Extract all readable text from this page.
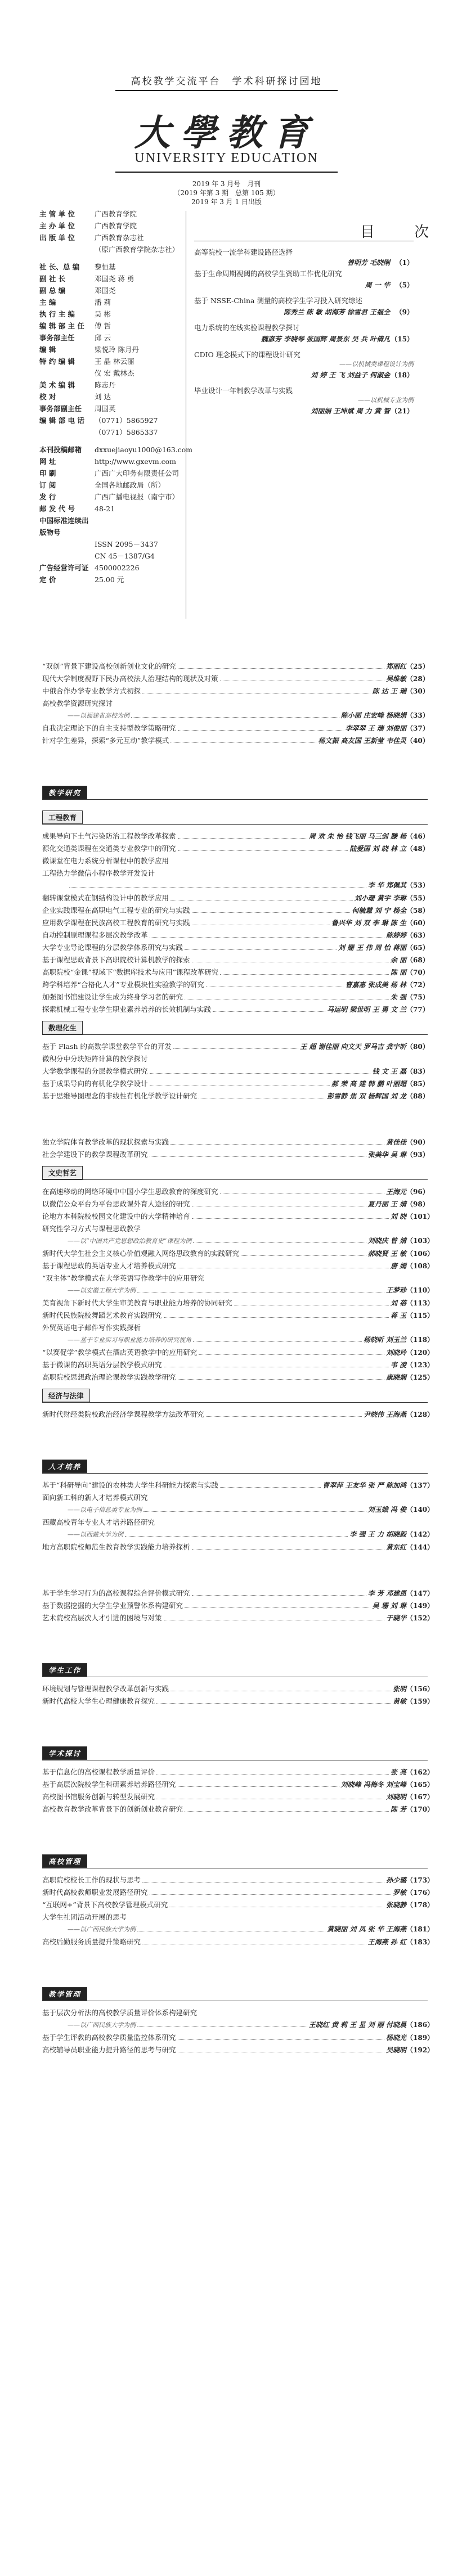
高校教学交流平台　学术科研探讨园地
大學教育
UNIVERSITY EDUCATION
2019 年 3 月号　月刊
（2019 年第 3 期　总第 105 期）
2019 年 3 月 1 日出版
主 管 单 位	广西教育学院
主 办 单 位	广西教育学院
出 版 单 位	广西教育杂志社
（原广西教育学院杂志社）
社 长、总 编	黎恒基
副 社 长	邓国尧 蒋 勇
副 总 编	邓国尧
主 编	潘 莉
执 行 主 编	吴 彬
编 辑 部 主 任	傅 哲
事务部主任	邱 云
编 辑	梁悦玲 陈月丹
特 约 编 辑	王 晶 林云丽
仪 宏 戴林杰
美 术 编 辑	陈志丹
校 对	刘 达
事务部副主任	周国英
编 辑 部 电 话	（0771）5865927
（0771）5865337
本刊投稿邮箱	dxxuejiaoyu1000@163.com
网 址	http://www.gxevm.com
印 刷	广西广大印务有限责任公司
订 阅	全国各地邮政局（所）
发 行	广西广播电视报（南宁市）
邮 发 代 号	48-21
中国标准连续出版物号
ISSN 2095－3437
CN 45－1387/G4
广告经营许可证 4500002226
定 价	25.00 元
目　次
高等院校一流学科建设路径选择
曾明芳 毛晓刚 （1）
基于生命周期视阈的高校学生资助工作优化研究
周 一 华 （5）
基于 NSSE-China 测量的高校学生学习投入研究综述
陈秀兰 陈 敏 胡海芳 徐雪君 王福全 （9）
电力系统的在线实验课程教学探讨
魏彦芳 李晓琴 张国辉 周景东 吴 兵 叶倩凡（15）
CDIO 理念模式下的课程设计研究
——以机械类课程设计为例
刘 婷 王 飞 刘益子 何淑金（18）
毕业设计一年制教学改革与实践
——以机械专业为例
刘丽娟 王坤斌 周 力 黄 智（21）
“双创”背景下建设高校创新创业文化的研究	郑丽红 （25）
现代大学制度视野下民办高校法人治理结构的现状及对策	吴维敏 （28）
中俄合作办学专业教学方式初探	陈 达 王 瑞 （30）
高校教学资源研究探讨
——以福建省高校为例	陈小丽 庄宏峰 杨晓娟 （33）
自我决定理论下的自主支持型教学策略研究	李翠翠 王 瑞 刘俊丽 （37）
针对学生差异，探索“多元互动”教学模式	杨文振 高友国 王新莹 韦佳灵 （40）
教学研究
工程教育
成果导向下土气污染防治工程教学改革探索	周 欢 朱 怡 钱飞丽 马三剑 滕 杨 （46）
源化交通类课程在交通类专业教学中的研究	陆爱国 刘 晓 林 立 （48）
微课堂在电力系统分析课程中的教学应用
工程热力学微信小程序教学开发设计
李 华 郑佩其 （53）
翻转课堂模式在钢结构设计中的教学应用	刘小珊 黄宇 李琳 （55）
企业实践课程在高职电气工程专业的研究与实践	何毓慧 刘 宁 杨全 （58）
应用数学课程在民族高校工程教育的研究与实践	鲁兴华 刘 双 李 琳 陈 生 （60）
自动控制原理课程多层次教学改革	陈婷婷 （63）
大学专业导论课程的分层教学体系研究与实践	刘 姗 王 伟 周 怡 蒋丽 （65）
基于课程思政背景下高职院校计算机教学的探索	余 丽 （68）
高职院校“金课”视域下“数据库技术与应用”课程改革研究	陈 丽 （70）
跨学科培养“合格化人才”专业模块性实验教学的研究	曹嘉惠 张成美 杨 林 （72）
加强图书馆建设让学生成为终身学习者的研究	朱 强 （75）
探索机械工程专业学生职业素养培养的长效机制与实践	马运明 梁世明 王 勇 文 兰 （77）
数理化生
基于 Flash 的高数学课堂教学平台的开发	王 超 谢佳丽 向文天 罗马吉 龚宇昕 （80）
微积分中分块矩阵计算的教学探讨
大学数学课程的分层教学模式研究	钱 文 王 磊 （83）
基于成果导向的有机化学教学设计	郝 荣 高 建 韩 鹏 叶丽超 （85）
基于思维导图理念的非线性有机化学教学设计研究	彭雪静 焦 双 杨辉国 刘 龙 （88）
独立学院体育教学改革的现状探索与实践	黄佳佳 （90）
社会学建设下的教学课程改革研究	张美华 吴 琳 （93）
文史哲艺
在高速移动的网络环境中中国小学生思政教育的深度研究	王海元 （96）
以微信公众平台为平台思政课外育人途径的研究	夏丹丽 王 婧 （98）
论地方本科院校校园文化建设中的大学精神培育	刘 晓 （101）
研究性学习方式与课程思政教学
——以“中国共产党思想政治教育史”课程为例	刘晓庆 曾 婧 （103）
新时代大学生社会主义核心价值观融入网络思政教育的实践研究	郝晓贤 王 敏 （106）
基于课程思政的英语专业人才培养模式研究	唐 嫣 （108）
“双主体”教学模式在大学英语写作教学中的应用研究
——以安徽工程大学为例	王梦珍 （110）
美育视角下新时代大学生审美教育与职业能力培养的协同研究	刘 蓓 （113）
新时代民族院校舞蹈艺术教育实践研究	蒋 玉 （115）
外贸英语电子邮件写作实践探析
——基于专业实习与职业能力培养的研究视角	杨晓昕 刘玉兰 （118）
“以赛促学”教学模式在酒店英语教学中的应用研究	刘晓玲 （120）
基于微课的高职英语分层教学模式研究	韦 凌 （123）
高职院校思想政治理论课教学实践教学研究	康晓娴 （125）
经济与法律
新时代财经类院校政治经济学课程教学方法改革研究	尹晓伟 王海燕 （128）
人才培养
基于“科研导向”建设的农林类大学生科研能力探索与实践	曹翠萍 王友华 张 严 陈加鸿 （137）
面向新工科的新人才培养模式研究
——以电子信息类专业为例	刘玉娥 冯 俊 （140）
西藏高校青年专业人才培养路径研究
——以西藏大学为例	李 强 王 力 胡晓毅 （142）
地方高职院校师范生教育教学实践能力培养探析	黄东红 （144）
基于学生学习行为的高校课程综合评价模式研究	李 芳 邓建恩 （147）
基于数据挖掘的大学生学业预警体系构建研究	吴 珊 刘 琳 （149）
艺术院校高层次人才引进的困境与对策	于晓华 （152）
学生工作
环境规划与管理课程教学改革创新与实践	张明 （156）
新时代高校大学生心理健康教育探究	黄敏 （159）
学术探讨
基于信息化的高校课程教学质量评价	张 亮 （162）
基于高层次院校学生科研素养培养路径研究	刘晓峰 冯梅冬 刘宝峰 （165）
高校图书馆服务创新与转型发展研究	刘晓明 （167）
高校教育教学改革背景下的创新创业教育研究	陈 芳 （170）
高校管理
高职院校校长工作的现状与思考	孙少璐 （173）
新时代高校教师职业发展路径研究	罗敏 （176）
“互联网+”背景下高校教学管理模式研究	张晓静 （178）
大学生社团活动开展的思考
——以广西民族大学为例	黄晓丽 刘 凤 张 华 王海燕 （181）
高校后勤服务质量提升策略研究	王海燕 孙 红 （183）
教学管理
基于层次分析法的高校教学质量评价体系构建研究
——以广西民族大学为例	王晓红 黄 莉 王 星 刘 丽 付晓晨 （186）
基于学生评教的高校教学质量监控体系研究	杨晓光 （189）
高校辅导员职业能力提升路径的思考与研究	吴晓明 （192）
